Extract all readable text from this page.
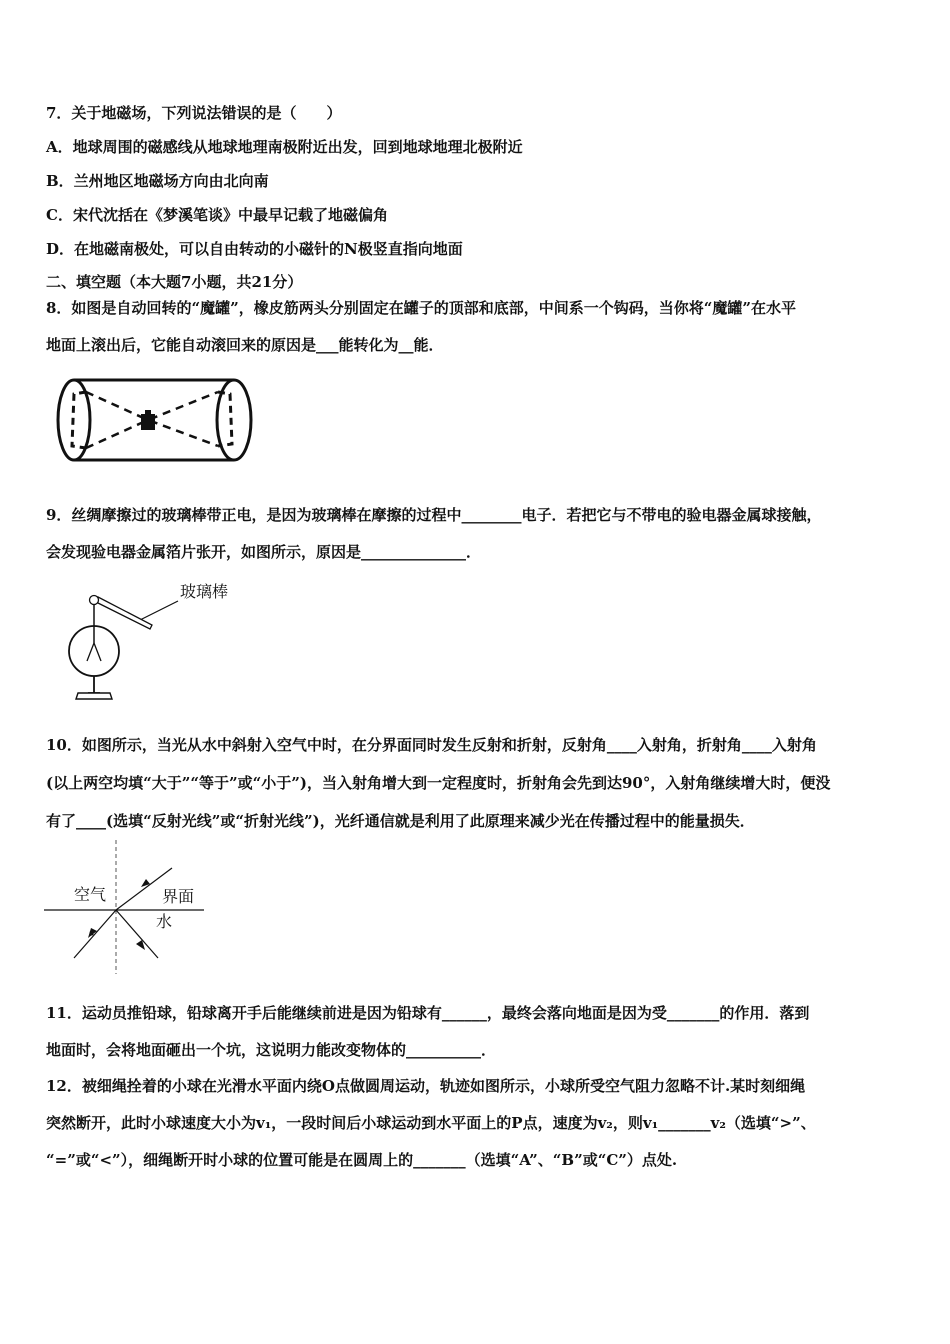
7．关于地磁场，下列说法错误的是（　　）
A．地球周围的磁感线从地球地理南极附近出发，回到地球地理北极附近
B．兰州地区地磁场方向由北向南
C．宋代沈括在《梦溪笔谈》中最早记载了地磁偏角
D．在地磁南极处，可以自由转动的小磁针的N极竖直指向地面
二、填空题（本大题7小题，共21分）
8．如图是自动回转的“魔罐”，橡皮筋两头分别固定在罐子的顶部和底部，中间系一个钩码，当你将“魔罐”在水平
地面上滚出后，它能自动滚回来的原因是___能转化为__能．
9．丝绸摩擦过的玻璃棒带正电，是因为玻璃棒在摩擦的过程中________电子．若把它与不带电的验电器金属球接触，
会发现验电器金属箔片张开，如图所示，原因是______________．
玻璃棒
10．如图所示，当光从水中斜射入空气中时，在分界面同时发生反射和折射，反射角____入射角，折射角____入射角
(以上两空均填“大于”“等于”或“小于”)，当入射角增大到一定程度时，折射角会先到达90°，入射角继续增大时，便没
有了____(选填“反射光线”或“折射光线”)，光纤通信就是利用了此原理来减少光在传播过程中的能量损失．
空气	界面
水
11．运动员推铅球，铅球离开手后能继续前进是因为铅球有______，最终会落向地面是因为受_______的作用．落到
地面时，会将地面砸出一个坑，这说明力能改变物体的__________．
12．被细绳拴着的小球在光滑水平面内绕O点做圆周运动，轨迹如图所示，小球所受空气阻力忽略不计.某时刻细绳
突然断开，此时小球速度大小为v₁，一段时间后小球运动到水平面上的P点，速度为v₂，则v₁_______v₂（选填“>”、
“=”或“<”），细绳断开时小球的位置可能是在圆周上的_______（选填“A”、“B”或“C”）点处.
